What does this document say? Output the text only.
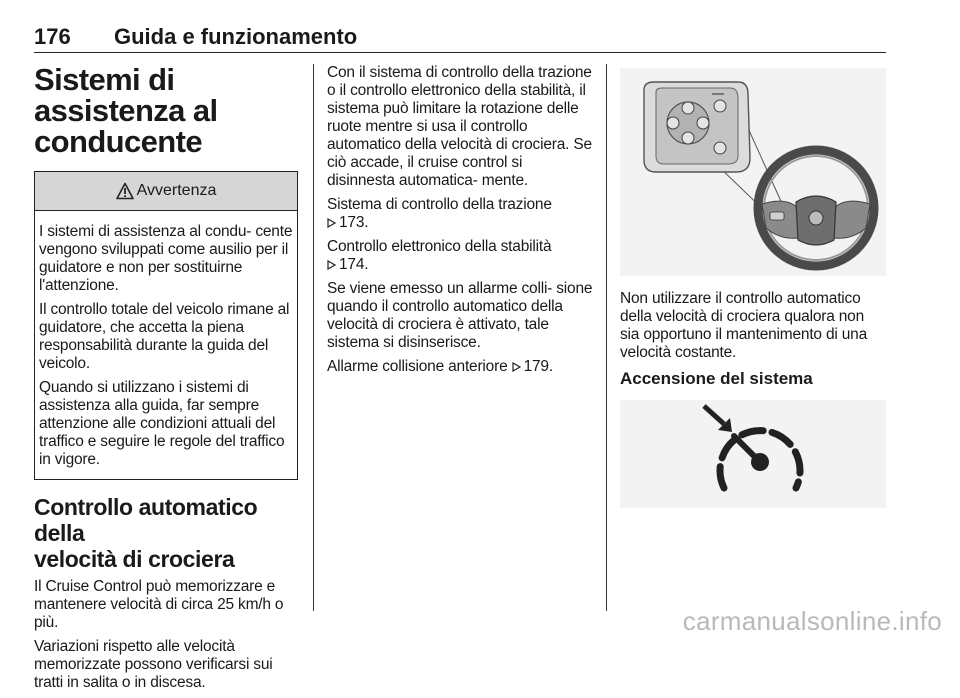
176 Guida e funzionamento
Sistemi di assistenza al
conducente
Avvertenza

I sistemi di assistenza al condu- cente vengono sviluppati come ausilio per il guidatore e non per sostituirne l'attenzione.

Il controllo totale del veicolo rimane al guidatore, che accetta la piena responsabilità durante la guida del veicolo.

Quando si utilizzano i sistemi di assistenza alla guida, far sempre attenzione alle condizioni attuali del traffico e seguire le regole del traffico in vigore.

Controllo automatico della
velocità di crociera

Il Cruise Control può memorizzare e mantenere velocità di circa 25 km/h o più.

Variazioni rispetto alle velocità memorizzate possono verificarsi sui tratti in salita o in discesa.

Con il sistema di controllo della trazione o il controllo elettronico della stabilità, il sistema può limitare la rotazione delle ruote mentre si usa il controllo automatico della velocità di crociera. Se ciò accade, il cruise control si disinnesta automatica- mente.

Sistema di controllo della trazione
173.

Controllo elettronico della stabilità
174.

Se viene emesso un allarme colli- sione quando il controllo automatico della velocità di crociera è attivato, tale sistema si disinserisce.

Allarme collisione anteriore 179.

Non utilizzare il controllo automatico della velocità di crociera qualora non sia opportuno il mantenimento di una velocità costante.

Accensione del sistema
carmanualsonline.info
